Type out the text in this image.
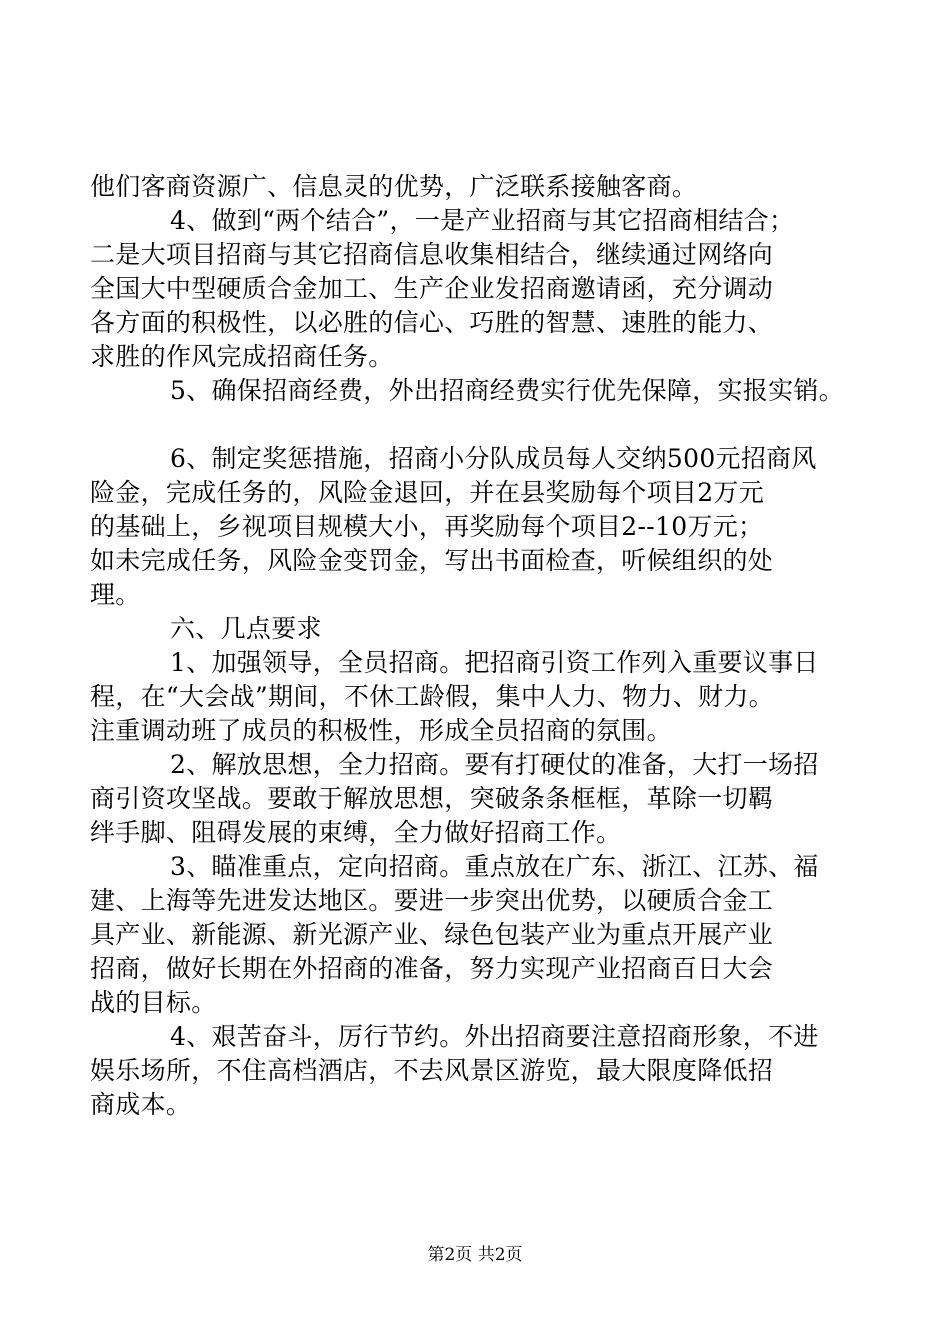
他们客商资源广、信息灵的优势，广泛联系接触客商。
4、做到“两个结合”，一是产业招商与其它招商相结合；
二是大项目招商与其它招商信息收集相结合，继续通过网络向
全国大中型硬质合金加工、生产企业发招商邀请函，充分调动
各方面的积极性，以必胜的信心、巧胜的智慧、速胜的能力、
求胜的作风完成招商任务。
5、确保招商经费，外出招商经费实行优先保障，实报实销。
6、制定奖惩措施，招商小分队成员每人交纳500元招商风
险金，完成任务的，风险金退回，并在县奖励每个项目2万元
的基础上，乡视项目规模大小，再奖励每个项目2--10万元；
如未完成任务，风险金变罚金，写出书面检查，听候组织的处
理。
六、几点要求
1、加强领导，全员招商。把招商引资工作列入重要议事日
程，在“大会战”期间，不休工龄假，集中人力、物力、财力。
注重调动班了成员的积极性，形成全员招商的氛围。
2、解放思想，全力招商。要有打硬仗的准备，大打一场招
商引资攻坚战。要敢于解放思想，突破条条框框，革除一切羁
绊手脚、阻碍发展的束缚，全力做好招商工作。
3、瞄准重点，定向招商。重点放在广东、浙江、江苏、福
建、上海等先进发达地区。要进一步突出优势，以硬质合金工
具产业、新能源、新光源产业、绿色包装产业为重点开展产业
招商，做好长期在外招商的准备，努力实现产业招商百日大会
战的目标。
4、艰苦奋斗，厉行节约。外出招商要注意招商形象，不进
娱乐场所，不住高档酒店，不去风景区游览，最大限度降低招
商成本。
第2页 共2页
